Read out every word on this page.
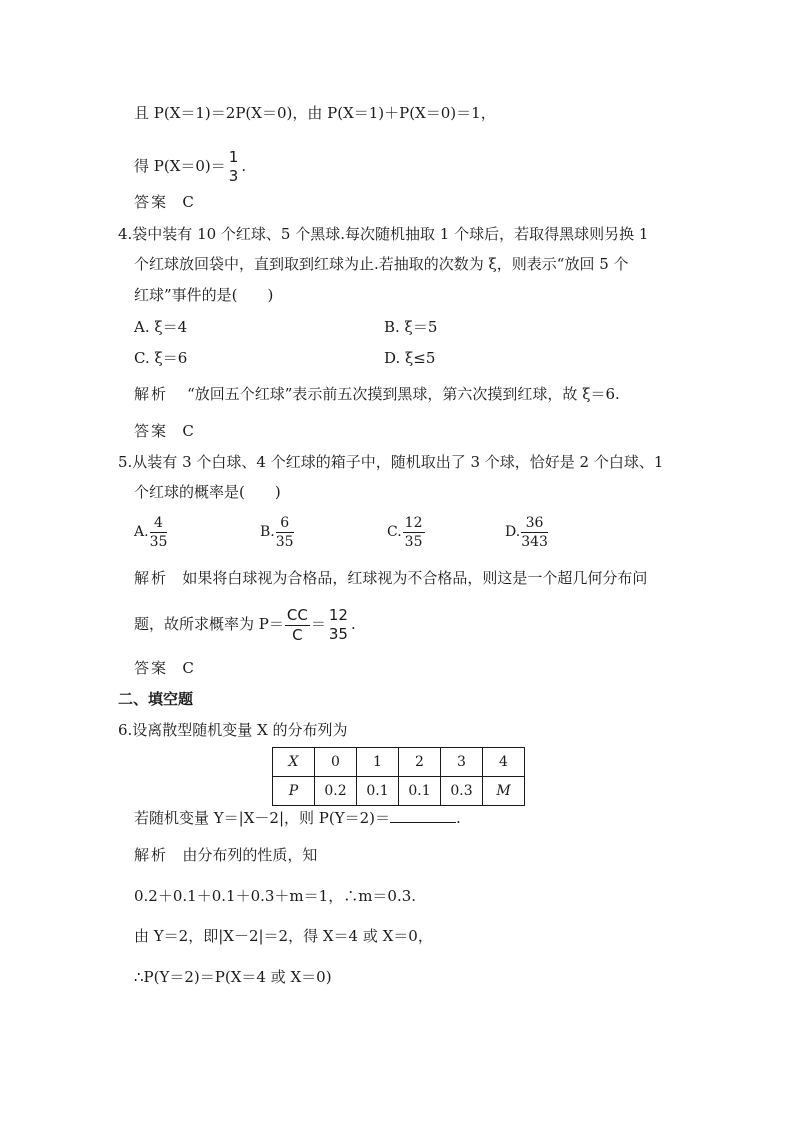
且 P(X＝1)＝2P(X＝0)，由 P(X＝1)＋P(X＝0)＝1，
得 P(X＝0)＝ 1
3
.
答案 C
4.袋中装有 10 个红球、5 个黑球.每次随机抽取 1 个球后，若取得黑球则另换 1
个红球放回袋中，直到取到红球为止.若抽取的次数为 ξ，则表示“放回 5 个
红球”事件的是(　　)
A. ξ＝4	B. ξ＝5
C. ξ＝6	D. ξ≤5
解析 “放回五个红球”表示前五次摸到黑球，第六次摸到红球，故 ξ＝6.
答案 C
5.从装有 3 个白球、4 个红球的箱子中，随机取出了 3 个球，恰好是 2 个白球、1
个红球的概率是(　　)
A. $\frac{4}{35}$	B. $\frac{6}{35}$	C. $\frac{12}{35}$	D. $\frac{36}{343}$
解析 如果将白球视为合格品，红球视为不合格品，则这是一个超几何分布问
题，故所求概率为 $P= \frac{CC}{C} = 12$
35
.
答案 C
二、填空题
6.设离散型随机变量 X 的分布列为
X	0	1	2	3	4
P	0.2	0.1	0.1	0.3	M
若随机变量 Y＝|X－2|，则 P(Y＝2)＝	.
解析 由分布列的性质，知
0.2＋0.1＋0.1＋0.3＋m＝1，∴m＝0.3.
由 Y＝2，即|X－2|＝2，得 X＝4 或 X＝0，
∴P(Y＝2)＝P(X＝4 或 X＝0)
